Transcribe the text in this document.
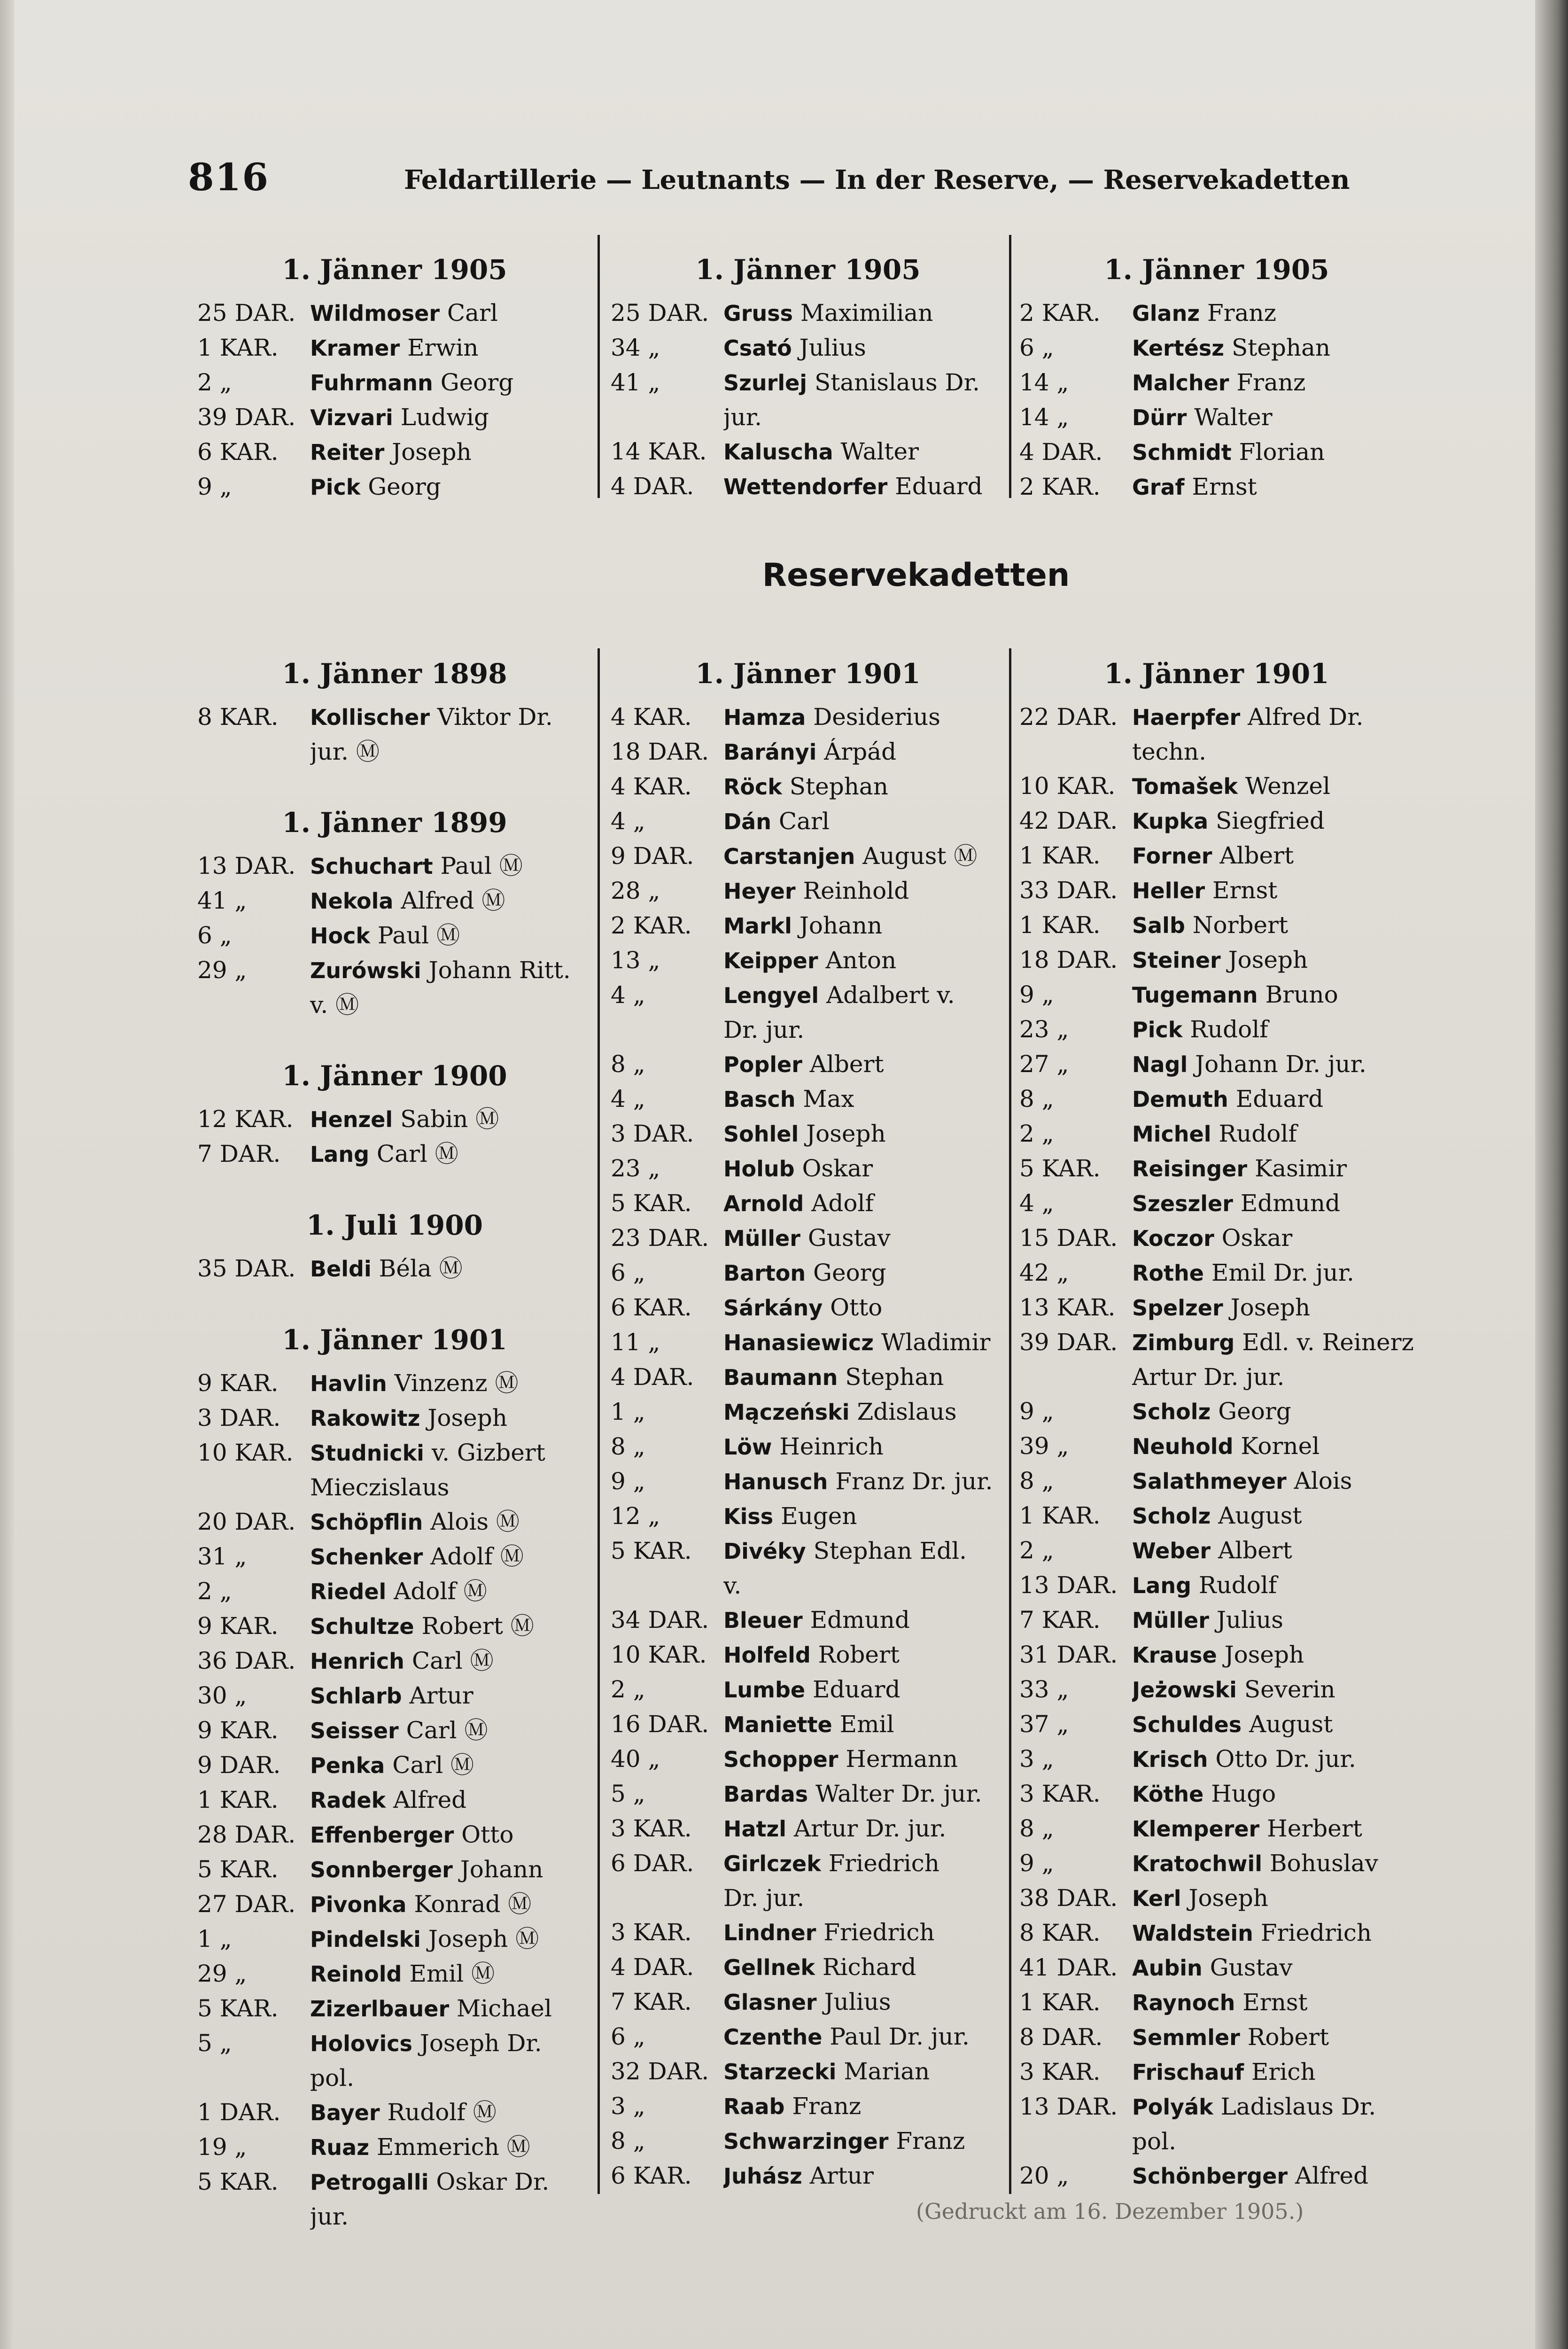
816	Feldartillerie — Leutnants — In der Reserve, — Reservekadetten
1. Jänner 1905
25 DAR. Wildmoser Carl
1 KAR.	Kramer Erwin
2 „	Fuhrmann Georg
39 DAR. Vizvari Ludwig
6 KAR.	Reiter Joseph
9 „	Pick Georg
1. Jänner 1905
25 DAR. Gruss Maximilian
34 „	Csató Julius
41 „	Szurlej Stanislaus Dr.
jur.
14 KAR. Kaluscha Walter
4 DAR.	Wettendorfer Eduard
1. Jänner 1905
2 KAR.	Glanz Franz
6 „	Kertész Stephan
14 „	Malcher Franz
14 „	Dürr Walter
4 DAR.	Schmidt Florian
2 KAR.	Graf Ernst
Reservekadetten
1. Jänner 1898
8 KAR.	Kollischer Viktor Dr.
jur. Ⓜ
1. Jänner 1899
13 DAR. Schuchart Paul Ⓜ
41 „	Nekola Alfred Ⓜ
6 „	Hock Paul Ⓜ
29 „	Zurówski Johann Ritt.
v. Ⓜ
1. Jänner 1900
12 KAR. Henzel Sabin Ⓜ
7 DAR.	Lang Carl Ⓜ
1. Juli 1900
35 DAR. Beldi Béla Ⓜ
1. Jänner 1901
9 KAR.	Havlin Vinzenz Ⓜ
3 DAR.	Rakowitz Joseph
10 KAR. Studnicki v. Gizbert
Mieczislaus
20 DAR. Schöpflin Alois Ⓜ
31 „	Schenker Adolf Ⓜ
2 „	Riedel Adolf Ⓜ
9 KAR.	Schultze Robert Ⓜ
36 DAR. Henrich Carl Ⓜ
30 „	Schlarb Artur
9 KAR.	Seisser Carl Ⓜ
9 DAR.	Penka Carl Ⓜ
1 KAR.	Radek Alfred
28 DAR. Effenberger Otto
5 KAR.	Sonnberger Johann
27 DAR. Pivonka Konrad Ⓜ
1 „	Pindelski Joseph Ⓜ
29 „	Reinold Emil Ⓜ
5 KAR.	Zizerlbauer Michael
5 „	Holovics Joseph Dr.
pol.
1 DAR.	Bayer Rudolf Ⓜ
19 „	Ruaz Emmerich Ⓜ
5 KAR.	Petrogalli Oskar Dr.
jur.
1. Jänner 1901
4 KAR.	Hamza Desiderius
18 DAR. Barányi Árpád
4 KAR.	Röck Stephan
4 „	Dán Carl
9 DAR.	Carstanjen August Ⓜ
28 „	Heyer Reinhold
2 KAR.	Markl Johann
13 „	Keipper Anton
4 „	Lengyel Adalbert v.
Dr. jur.
8 „	Popler Albert
4 „	Basch Max
3 DAR.	Sohlel Joseph
23 „	Holub Oskar
5 KAR.	Arnold Adolf
23 DAR. Müller Gustav
6 „	Barton Georg
6 KAR.	Sárkány Otto
11 „	Hanasiewicz Wladimir
4 DAR.	Baumann Stephan
1 „	Mączeński Zdislaus
8 „	Löw Heinrich
9 „	Hanusch Franz Dr. jur.
12 „	Kiss Eugen
5 KAR.	Divéky Stephan Edl.
v.
34 DAR. Bleuer Edmund
10 KAR. Holfeld Robert
2 „	Lumbe Eduard
16 DAR. Maniette Emil
40 „	Schopper Hermann
5 „	Bardas Walter Dr. jur.
3 KAR.	Hatzl Artur Dr. jur.
6 DAR.	Girlczek Friedrich
Dr. jur.
3 KAR.	Lindner Friedrich
4 DAR.	Gellnek Richard
7 KAR.	Glasner Julius
6 „	Czenthe Paul Dr. jur.
32 DAR. Starzecki Marian
3 „	Raab Franz
8 „	Schwarzinger Franz
6 KAR.	Juhász Artur
1. Jänner 1901
22 DAR. Haerpfer Alfred Dr.
techn.
10 KAR. Tomašek Wenzel
42 DAR. Kupka Siegfried
1 KAR.	Forner Albert
33 DAR. Heller Ernst
1 KAR.	Salb Norbert
18 DAR. Steiner Joseph
9 „	Tugemann Bruno
23 „	Pick Rudolf
27 „	Nagl Johann Dr. jur.
8 „	Demuth Eduard
2 „	Michel Rudolf
5 KAR.	Reisinger Kasimir
4 „	Szeszler Edmund
15 DAR. Koczor Oskar
42 „	Rothe Emil Dr. jur.
13 KAR. Spelzer Joseph
39 DAR. Zimburg Edl. v. Reinerz
Artur Dr. jur.
9 „	Scholz Georg
39 „	Neuhold Kornel
8 „	Salathmeyer Alois
1 KAR.	Scholz August
2 „	Weber Albert
13 DAR. Lang Rudolf
7 KAR.	Müller Julius
31 DAR. Krause Joseph
33 „	Jeżowski Severin
37 „	Schuldes August
3 „	Krisch Otto Dr. jur.
3 KAR.	Köthe Hugo
8 „	Klemperer Herbert
9 „	Kratochwil Bohuslav
38 DAR. Kerl Joseph
8 KAR.	Waldstein Friedrich
41 DAR. Aubin Gustav
1 KAR.	Raynoch Ernst
8 DAR.	Semmler Robert
3 KAR.	Frischauf Erich
13 DAR. Polyák Ladislaus Dr.
pol.
20 „	Schönberger Alfred
(Gedruckt am 16. Dezember 1905.)
